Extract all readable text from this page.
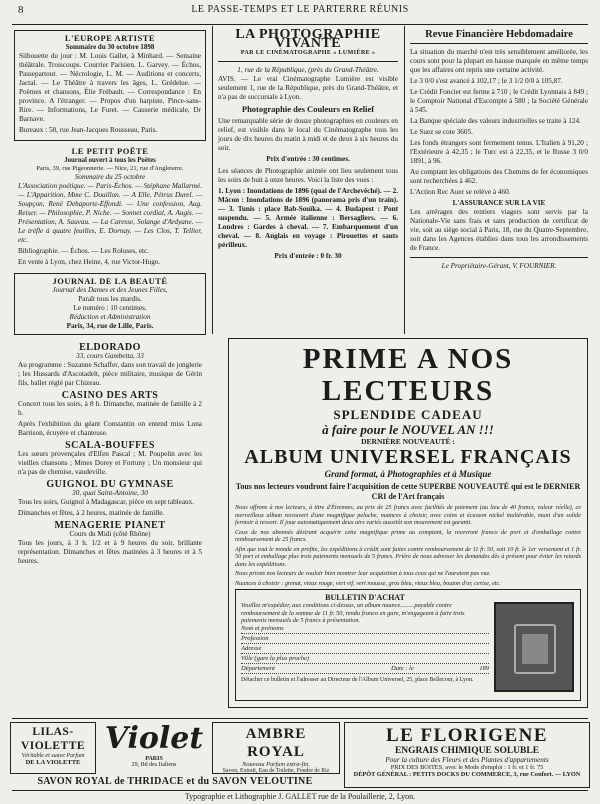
8	LE PASSE-TEMPS ET LE PARTERRE RÉUNIS
L'EUROPE ARTISTE
Sommaire du 30 octobre 1898

Silhouette du jour : M. Louis Gallet, à Minhard. — Semaine théâtrale. Troiscoups. Courrier Parisien. L. Garvey. — Échos, Passepartout. — Nécrologie, L. M. — Auditions et concerts, Jactal. — Le Théâtre à travers les âges, L. Grédelue. — Poèmes et chansons, Élie Frébault. — Correspondance : En province. A l'étranger. — Propos d'un harpiste, Pince-sans-Rire. — Informations, Le Furet. — Causerie médicale, Dr Barnave.

Bureaux : 58, rue Jean-Jacques Rousseau, Paris.

LE PETIT POËTE
Journal ouvert à tous les Poëtes
Paris, 39, rue Pigeonnerie. — Nice, 21, rue d'Angleterre.
Sommaire du 25 octobre

L'Association poétique. — Paris-Échos. — Stéphane Mallarmé. — L'Apparition, Mme C. Douillon. — A Elle, Pétrus Durel. — Soupçon, René Debaporte-Effondi. — Une confession, Aug. Reiser. — Philosophie, P. Niche. — Sonnet cordial, A. Augis. — Présentation, A. Sauvau. — La Caresse, Solange d'Ardyane. — Le trèfle à quatre feuilles, E. Dornay. — Les Clos, T. Tellier, etc.

Bibliographie. — Échos. — Les Roluses, etc.

En vente à Lyon, chez Heine, 4, rue Victor-Hugo.

JOURNAL DE LA BEAUTÉ
Journal des Dames et des Jeunes Filles,
Paraît tous les mardis.
Le numéro : 10 centimes.
Rédaction et Administration
Paris, 34, rue de Lille, Paris.
ELDORADO
33, cours Gambetta, 33

Au programme : Suzanne Schaffer, dans son travail de jonglerie ; les Hussards d'Ascotadelt, pièce militaire, musique de Gérin fils, ballet réglé par Chizeau.

CASINO DES ARTS

Concert tous les soirs, à 8 h. Dimanche, matinée de famille à 2 h.

Après l'exhibition du géant Constantin on entend miss Lona Barrison, écuyère et chanteuse.

SCALA-BOUFFES

Les sœurs provençales d'Elfen Pascal ; M. Poupelin avec les vieilles chansons ; Mmes Dorey et Fortuny ; Un monsieur qui n'a pas de chemise, vaudeville.

GUIGNOL DU GYMNASE
30, quai Saint-Antoine, 30

Tous les soirs, Guignol à Madagascar, pièce en sept tableaux.

Dimanches et fêtes, à 2 heures, matinée de famille.

MENAGERIE PIANET
Cours du Midi (côté Rhône)

Tous les jours, à 3 h. 1/2 et à 9 heures du soir, brillante représentation. Dimanches et fêtes matinées à 3 heures et à 5 heures.

LA PHOTOGRAPHIE VIVANTE
PAR LE CINÉMATOGRAPHE « LUMIÈRE »
1, rue de la République, (près du Grand-Théâtre.

AVIS. — Le vrai Cinématographe Lumière est visible seulement 1, rue de la République, près du Grand-Théâtre, et n'a pas de succursale à Lyon.

Photographie des Couleurs en Relief

Une remarquable série de douze photographies en couleurs en relief, est visible dans le local du Cinématographe tous les jours de dix heures du matin à midi et de deux à six heures du soir.

Prix d'entrée : 30 centimes.

Les séances de Photographie animée ont lieu seulement tous les soirs de huit à onze heures. Voici la liste des vues :

1. Lyon : Inondations de 1896 (quai de l'Archevêché). — 2. Mâcon : Inondations de 1896 (panorama pris d'un train). — 3. Tunis : place Bab-Souïka. — 4. Budapest : Pont suspendu. — 5. Armée italienne : Bersagliers. — 6. Londres : Gardes à cheval. — 7. Embarquement d'un cheval. — 8. Anglais en voyage : Pirouettes et sauts périlleux.

Prix d'entrée : 0 fr. 30
Revue Financière Hebdomadaire

La situation du marché n'est très sensiblement améliorée, les cours sont pour la plupart en hausse marquée en même temps que les affaires ont repris une certaine activité.

Le 3 0/0 s'est avancé à 102,17 ; le 3 1/2 0/0 à 105,87.

Le Crédit Foncier est ferme à 710 ; le Crédit Lyonnais à 849 ; le Comptoir National d'Escompte à 580 ; la Société Générale à 545.

La Banque spéciale des valeurs industrielles se traite à 124.

Le Suez se cote 3605.

Les fonds étrangers sont fermement tenus. L'Italien à 91,20 ; l'Extérieure à 42,35 ; le Turc est à 22,35, et le Russe 3 0/0 1891, à 96.

Au comptant les obligations des Chemins de fer économiques sont recherchées à 462.

L'Action Rec Auer se relève à 460.

L'ASSURANCE SUR LA VIE

Les arrérages des rentiers viagers sont servis par la Nationale-Vie sans frais et sans production de certificat de vie, soit au siège social à Paris, 18, rue du Quatre-Septembre, soit dans les Agences établies dans tous les arrondissements de France.

Le Propriétaire-Gérant, V. FOURNIER.
PRIME A NOS LECTEURS
SPLENDIDE CADEAU
à faire pour le NOUVEL AN !!!
DERNIÈRE NOUVEAUTÉ :
ALBUM UNIVERSEL FRANÇAIS
Grand format, à Photographies et à Musique
Tous nos lecteurs voudront faire l'acquisition de cette SUPERBE NOUVEAUTÉ qui est le DERNIER CRI de l'Art français

Nous offrons à nos lecteurs, à titre d'Étrennes, au prix de 25 francs avec facilités de paiement (au lieu de 40 francs, valeur réelle), ce merveilleux album recouvert d'une magnifique peluche, nuances à choisir, avec coins et écusson nickel inaltérable, muni d'un solide fermoir à ressort. Il joue automatiquement deux airs variés aussitôt son mouvement est garanti.

Ceux de nos abonnés désirant acquérir cette magnifique prime au comptant, la recevront franco de port et d'emballage contre remboursement de 25 francs.

Afin que tout le monde en profite, les expéditions à crédit sont faites contre remboursement de 11 fr. 50, soit 10 fr. le 1er versement et 1 fr. 50 port et emballage plus trois paiements mensuels de 5 francs. Prière de nous adresser les demandes dès à présent pour éviter les retards dans les expéditions.

Nous prions nos lecteurs de vouloir bien montrer leur acquisition à tous ceux qui ne l'auraient pas vue.

Nuances à choisir : grenat, vieux rouge, vert vif, vert mousse, gros bleu, vieux bleu, bouton d'or, cerise, etc.

BULLETIN D'ACHAT
Veuillez m'expédier, aux conditions ci-dessus, un album nuance.........payable contre remboursement de la somme de 11 fr. 50, rendu franco en gare, m'engageant à faire trois paiements mensuels de 5 francs à présentation.
Nom et prénoms
Profession
Adresse
Ville (gare la plus proche)
Département	Date : le	189
Détacher ce bulletin et l'adresser au Directeur de l'Album Universel, 25, place Bellecour, à Lyon.
LILAS-VIOLETTE
Véritable et suave Parfum
DE LA VIOLETTE
Violet
PARIS
29, Bd des Italiens
AMBRE ROYAL
Nouveau Parfum extra-fin.
Savon, Extrait, Eau de Toilette, Poudre de Riz
SAVON ROYAL de THRIDACE et du SAVON VELOUTINE
LE FLORIGENE
ENGRAIS CHIMIQUE SOLUBLE
Pour la culture des Fleurs et des Plantes d'appartements
PRIX DES BOITES, avec le Mode d'emploi : 1 fr. et 1 fr. 75
DÉPÔT GÉNÉRAL : PETITS DOCKS DU COMMERCE, 3, rue Confort. — LYON
Typographie et Lithographie J. GALLET rue de la Poulaillerie, 2, Lyon.
